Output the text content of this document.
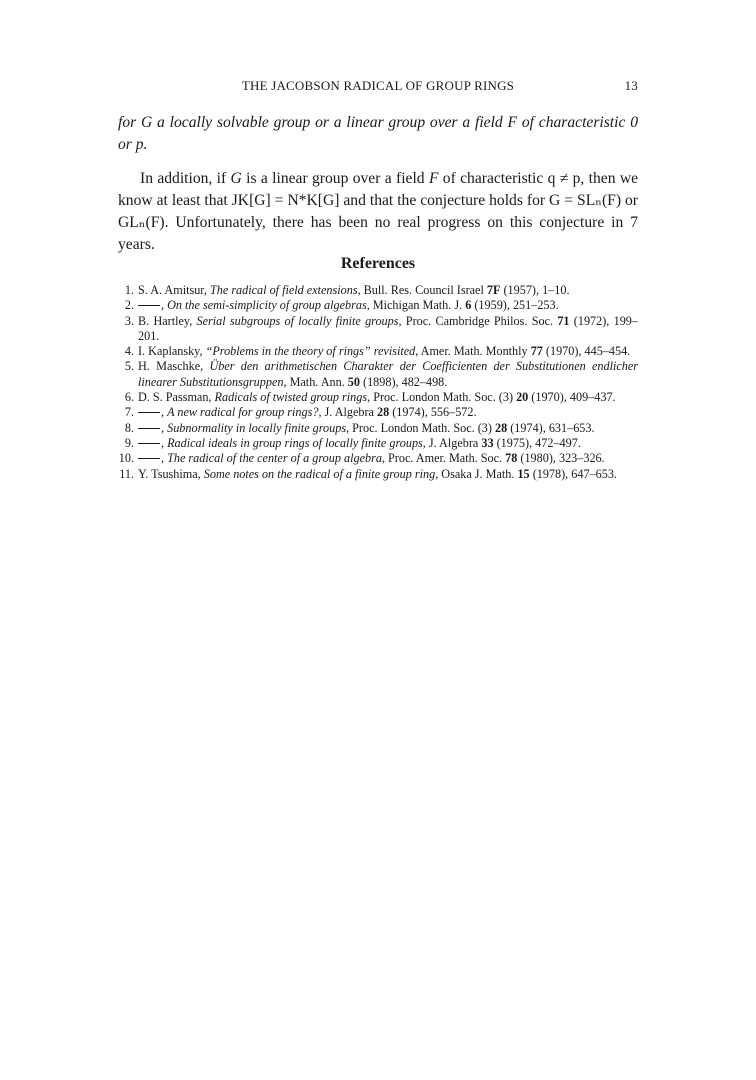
THE JACOBSON RADICAL OF GROUP RINGS	13

for G a locally solvable group or a linear group over a field F of characteristic 0 or p.

In addition, if G is a linear group over a field F of characteristic q ≠ p, then we know at least that JK[G] = N*K[G] and that the conjecture holds for G = SLₙ(F) or GLₙ(F). Unfortunately, there has been no real progress on this conjecture in 7 years.

References
1. S. A. Amitsur, The radical of field extensions, Bull. Res. Council Israel 7F (1957), 1–10.
2. , On the semi-simplicity of group algebras, Michigan Math. J. 6 (1959), 251–253.
3. B. Hartley, Serial subgroups of locally finite groups, Proc. Cambridge Philos. Soc. 71 (1972), 199–201.
4. I. Kaplansky, “Problems in the theory of rings” revisited, Amer. Math. Monthly 77 (1970), 445–454.
5. H. Maschke, Über den arithmetischen Charakter der Coefficienten der Substitutionen endlicher linearer Substitutionsgruppen, Math. Ann. 50 (1898), 482–498.
6. D. S. Passman, Radicals of twisted group rings, Proc. London Math. Soc. (3) 20 (1970), 409–437.
7. , A new radical for group rings?, J. Algebra 28 (1974), 556–572.
8. , Subnormality in locally finite groups, Proc. London Math. Soc. (3) 28 (1974), 631–653.
9. , Radical ideals in group rings of locally finite groups, J. Algebra 33 (1975), 472–497.
10. , The radical of the center of a group algebra, Proc. Amer. Math. Soc. 78 (1980), 323–326.
11. Y. Tsushima, Some notes on the radical of a finite group ring, Osaka J. Math. 15 (1978), 647–653.
